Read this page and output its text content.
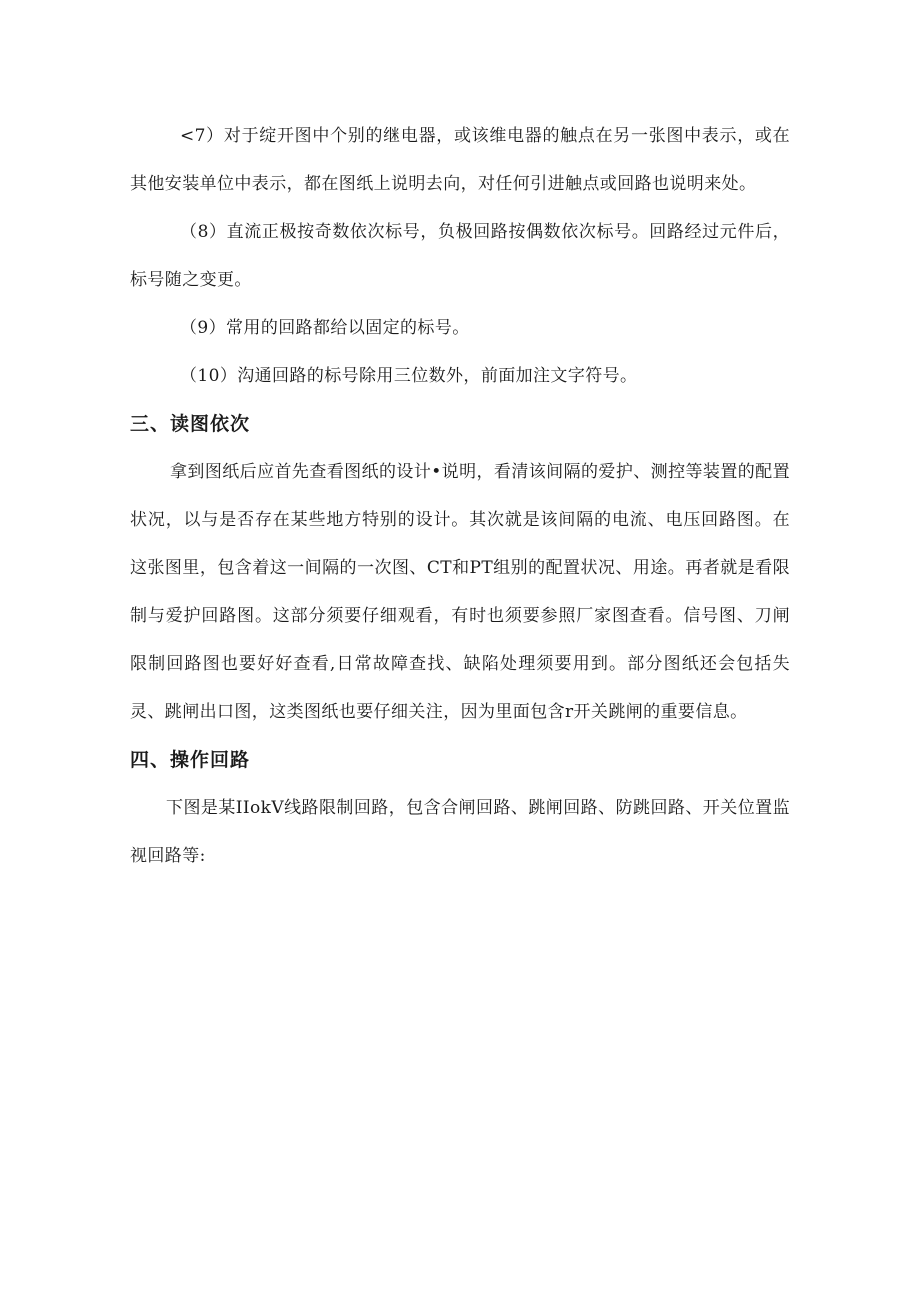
<7）对于绽开图中个别的继电器，或该维电器的触点在另一张图中表示，或在其他安装单位中表示，都在图纸上说明去向，对任何引进触点或回路也说明来处。

（8）直流正极按奇数依次标号，负极回路按偶数依次标号。回路经过元件后，标号随之变更。

（9）常用的回路都给以固定的标号。

（10）沟通回路的标号除用三位数外，前面加注文字符号。

三、读图依次

拿到图纸后应首先查看图纸的设计•说明，看清该间隔的爱护、测控等装置的配置状况，以与是否存在某些地方特别的设计。其次就是该间隔的电流、电压回路图。在这张图里，包含着这一间隔的一次图、CT和PT组别的配置状况、用途。再者就是看限制与爱护回路图。这部分须要仔细观看，有时也须要参照厂家图查看。信号图、刀闸限制回路图也要好好查看,日常故障查找、缺陷处理须要用到。部分图纸还会包括失灵、跳闸出口图，这类图纸也要仔细关注，因为里面包含r开关跳闸的重要信息。

四、操作回路

下图是某IIokV线路限制回路，包含合闸回路、跳闸回路、防跳回路、开关位置监视回路等:
